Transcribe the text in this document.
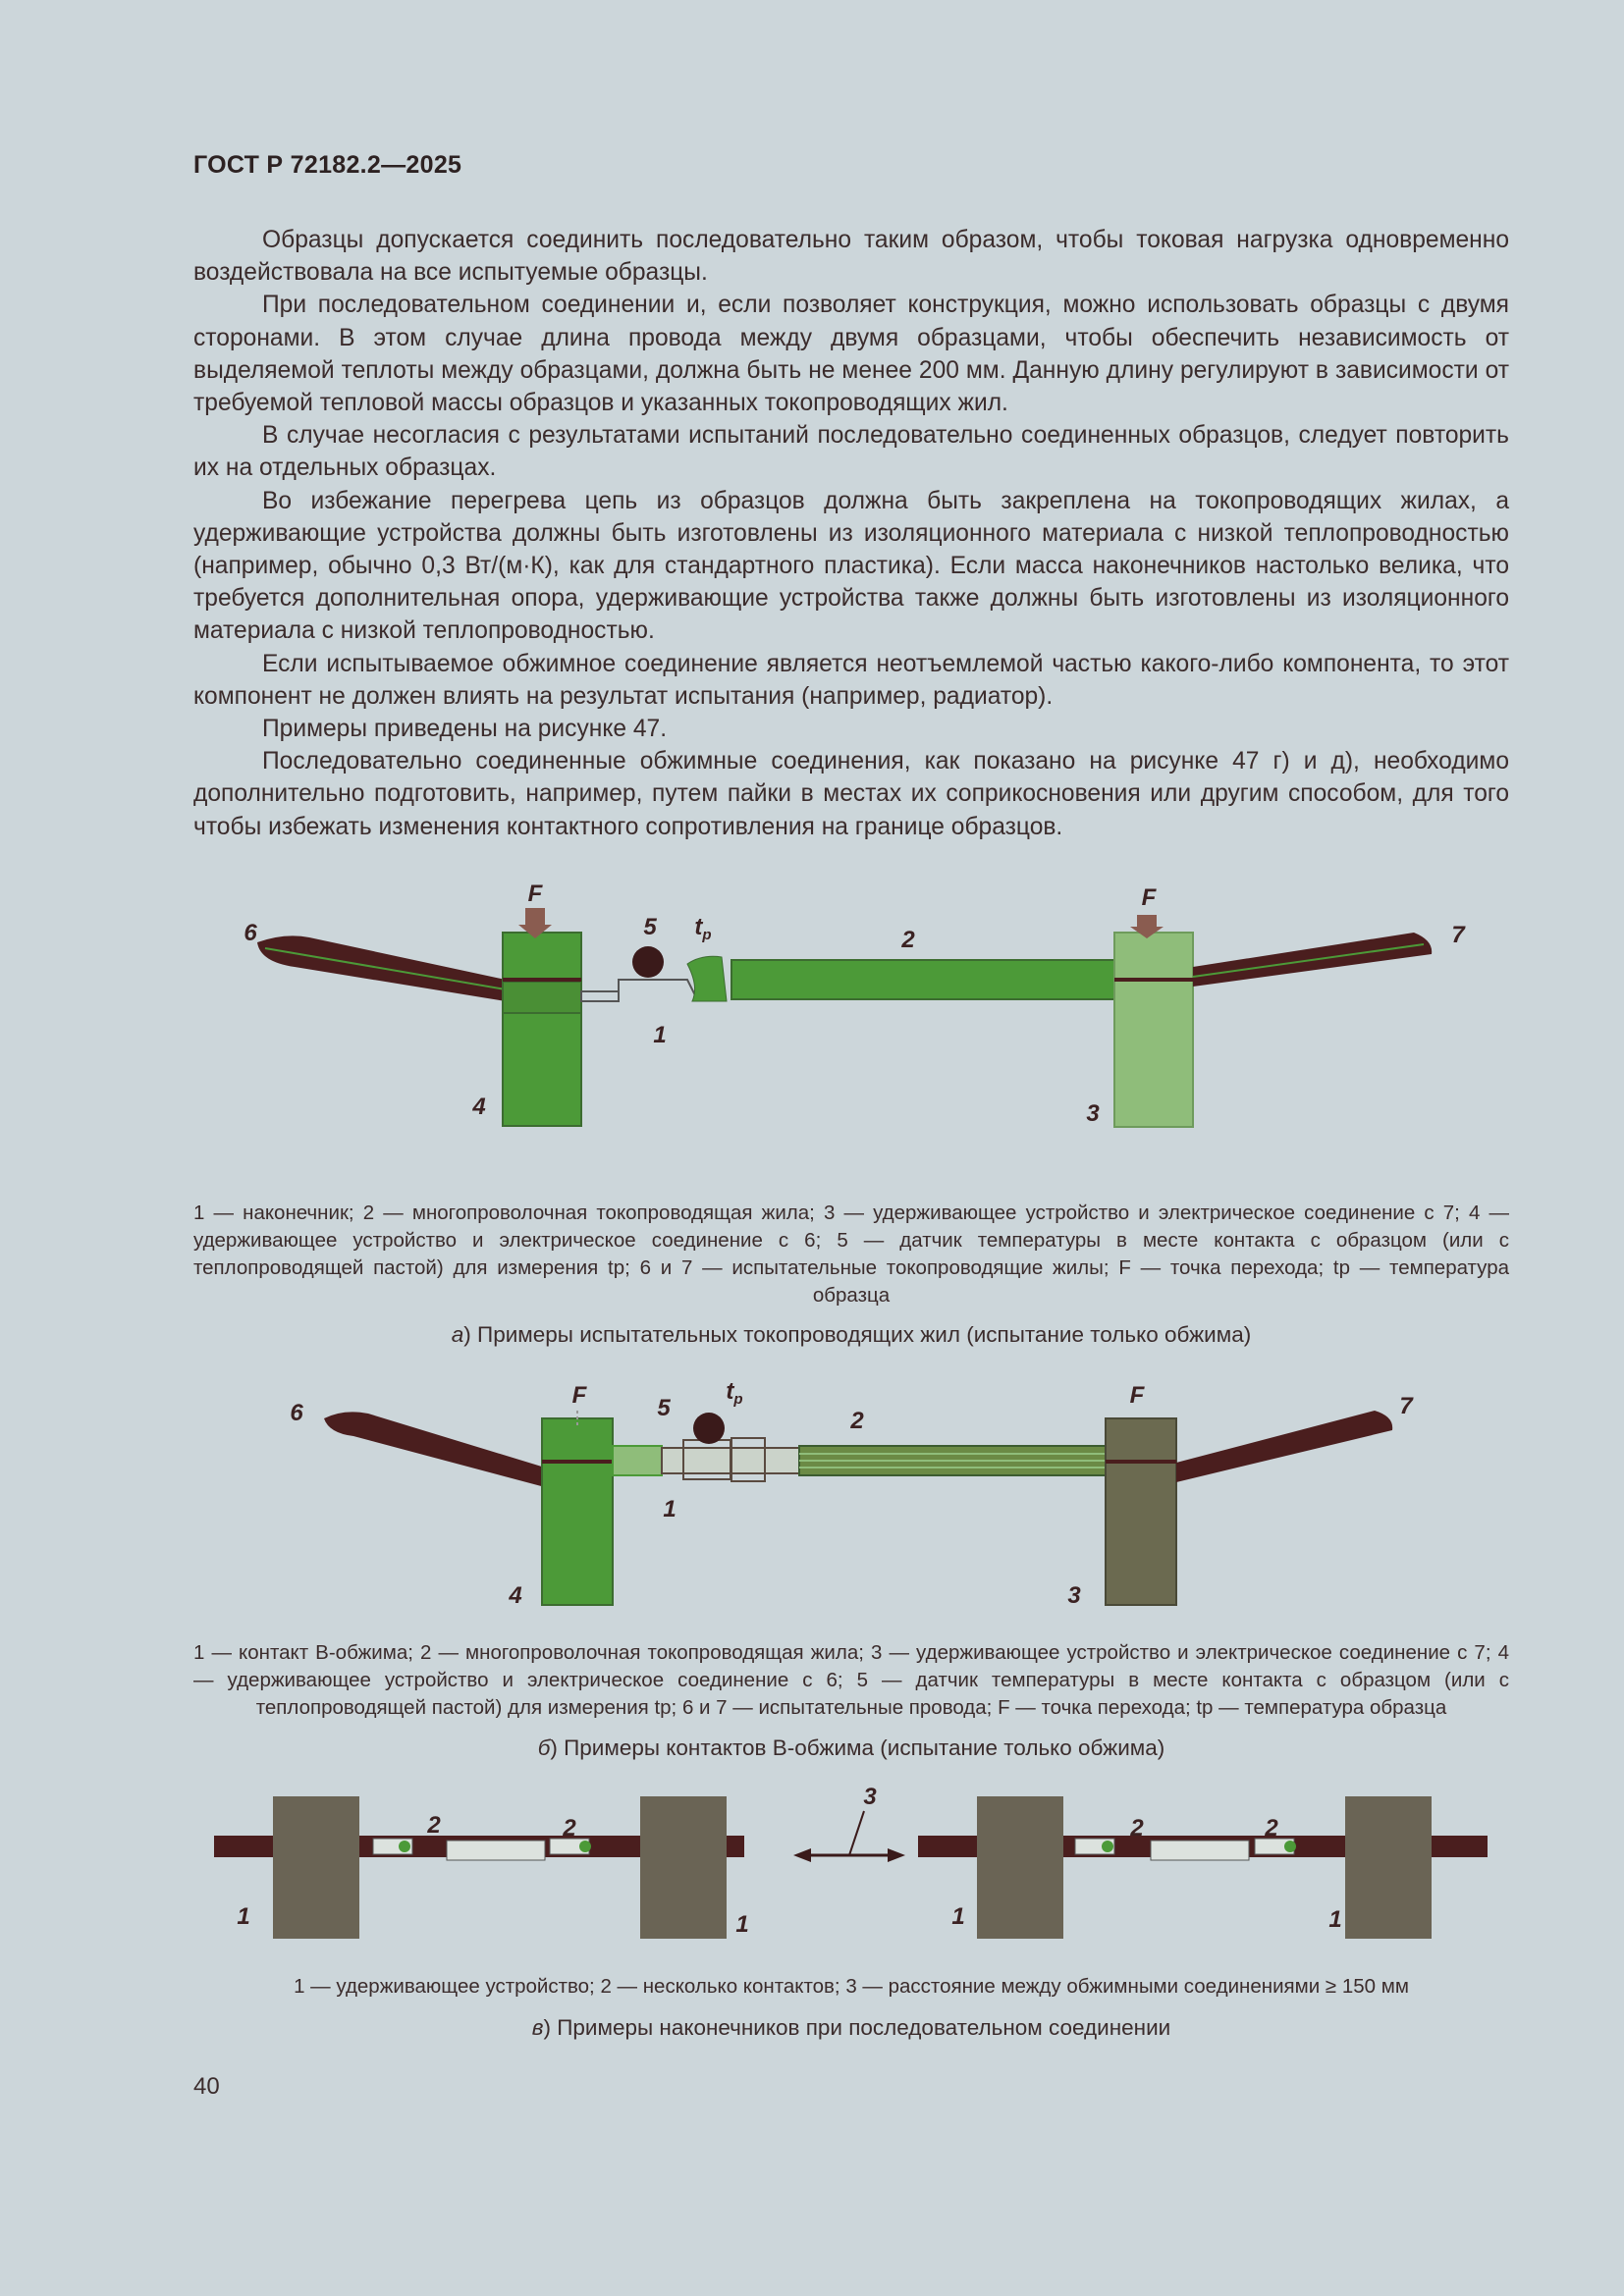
ГОСТ Р 72182.2—2025

Образцы допускается соединить последовательно таким образом, чтобы токовая нагрузка одновременно воздействовала на все испытуемые образцы.

При последовательном соединении и, если позволяет конструкция, можно использовать образцы с двумя сторонами. В этом случае длина провода между двумя образцами, чтобы обеспечить независимость от выделяемой теплоты между образцами, должна быть не менее 200 мм. Данную длину регулируют в зависимости от требуемой тепловой массы образцов и указанных токопроводящих жил.

В случае несогласия с результатами испытаний последовательно соединенных образцов, следует повторить их на отдельных образцах.

Во избежание перегрева цепь из образцов должна быть закреплена на токопроводящих жилах, а удерживающие устройства должны быть изготовлены из изоляционного материала с низкой теплопроводностью (например, обычно 0,3 Вт/(м·К), как для стандартного пластика). Если масса наконечников настолько велика, что требуется дополнительная опора, удерживающие устройства также должны быть изготовлены из изоляционного материала с низкой теплопроводностью.

Если испытываемое обжимное соединение является неотъемлемой частью какого-либо компонента, то этот компонент не должен влиять на результат испытания (например, радиатор).

Примеры приведены на рисунке 47.

Последовательно соединенные обжимные соединения, как показано на рисунке 47 г) и д), необходимо дополнительно подготовить, например, путем пайки в местах их соприкосновения или другим способом, для того чтобы избежать изменения контактного сопротивления на границе образцов.

F
6
4
1
5 $t_p$	2
F
3
7
1 — наконечник; 2 — многопроволочная токопроводящая жила; 3 — удерживающее устройство и электрическое соединение с 7; 4 — удерживающее устройство и электрическое соединение с 6; 5 — датчик температуры в месте контакта с образцом (или с теплопроводящей пастой) для измерения tp; 6 и 7 — испытательные токопроводящие жилы; F — точка перехода; tp — температура образца
а) Примеры испытательных токопроводящих жил (испытание только обжима)
6
F
4
1
5
$t_p$
2
F
3
7
1 — контакт В-обжима; 2 — многопроволочная токопроводящая жила; 3 — удерживающее устройство и электрическое соединение с 7; 4 — удерживающее устройство и электрическое соединение с 6; 5 — датчик температуры в месте контакта с образцом (или с теплопроводящей пастой) для измерения tp; 6 и 7 — испытательные провода; F — точка перехода; tp — температура образца
б) Примеры контактов В-обжима (испытание только обжима)
2	2
1	1
3
2	2
1	1
1 — удерживающее устройство; 2 — несколько контактов; 3 — расстояние между обжимными соединениями ≥ 150 мм
в) Примеры наконечников при последовательном соединении
40
